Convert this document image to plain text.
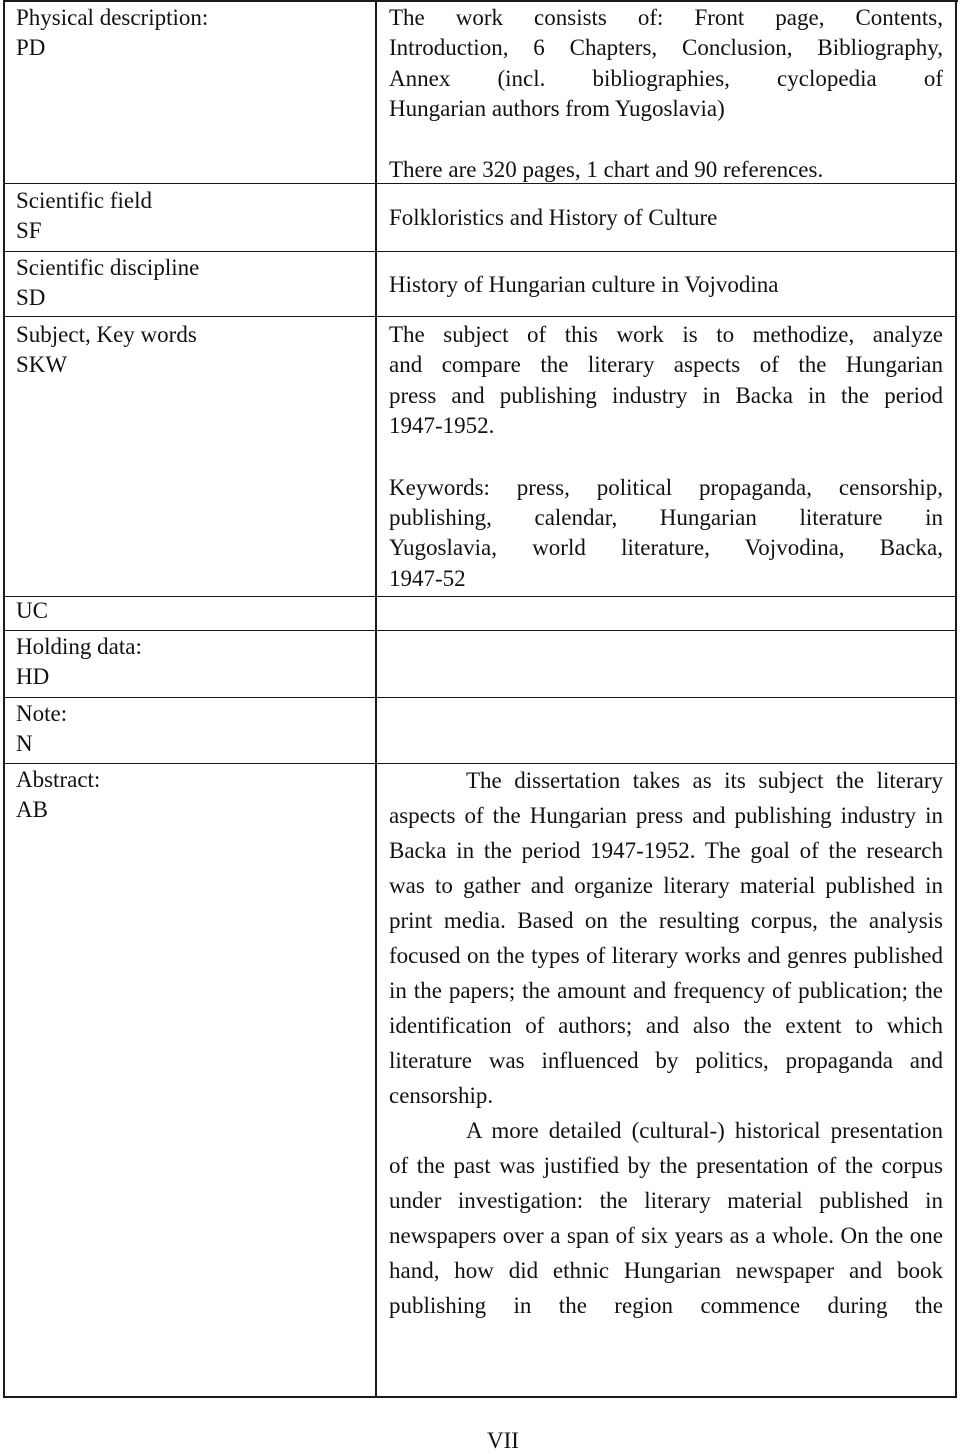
Physical description:
PD
The work consists of: Front page, Contents,
Introduction, 6 Chapters, Conclusion, Bibliography,
Annex (incl. bibliographies, cyclopedia of
Hungarian authors from Yugoslavia)
There are 320 pages, 1 chart and 90 references.
Scientific field
SF
Folkloristics and History of Culture
Scientific discipline
SD
History of Hungarian culture in Vojvodina
Subject, Key words
SKW
The subject of this work is to methodize, analyze
and compare the literary aspects of the Hungarian
press and publishing industry in Backa in the period
1947-1952.
Keywords: press, political propaganda, censorship,
publishing, calendar, Hungarian literature in
Yugoslavia, world literature, Vojvodina, Backa,
1947-52
UC
Holding data:
HD
Note:
N
Abstract:
AB

The dissertation takes as its subject the literary aspects of the Hungarian press and publishing industry in Backa in the period 1947-1952. The goal of the research was to gather and organize literary material published in print media. Based on the resulting corpus, the analysis focused on the types of literary works and genres published in the papers; the amount and frequency of publication; the identification of authors; and also the extent to which literature was influenced by politics, propaganda and censorship.

A more detailed (cultural-) historical presentation of the past was justified by the presentation of the corpus under investigation: the literary material published in newspapers over a span of six years as a whole. On the one hand, how did ethnic Hungarian newspaper and book publishing in the region commence during the

VII
